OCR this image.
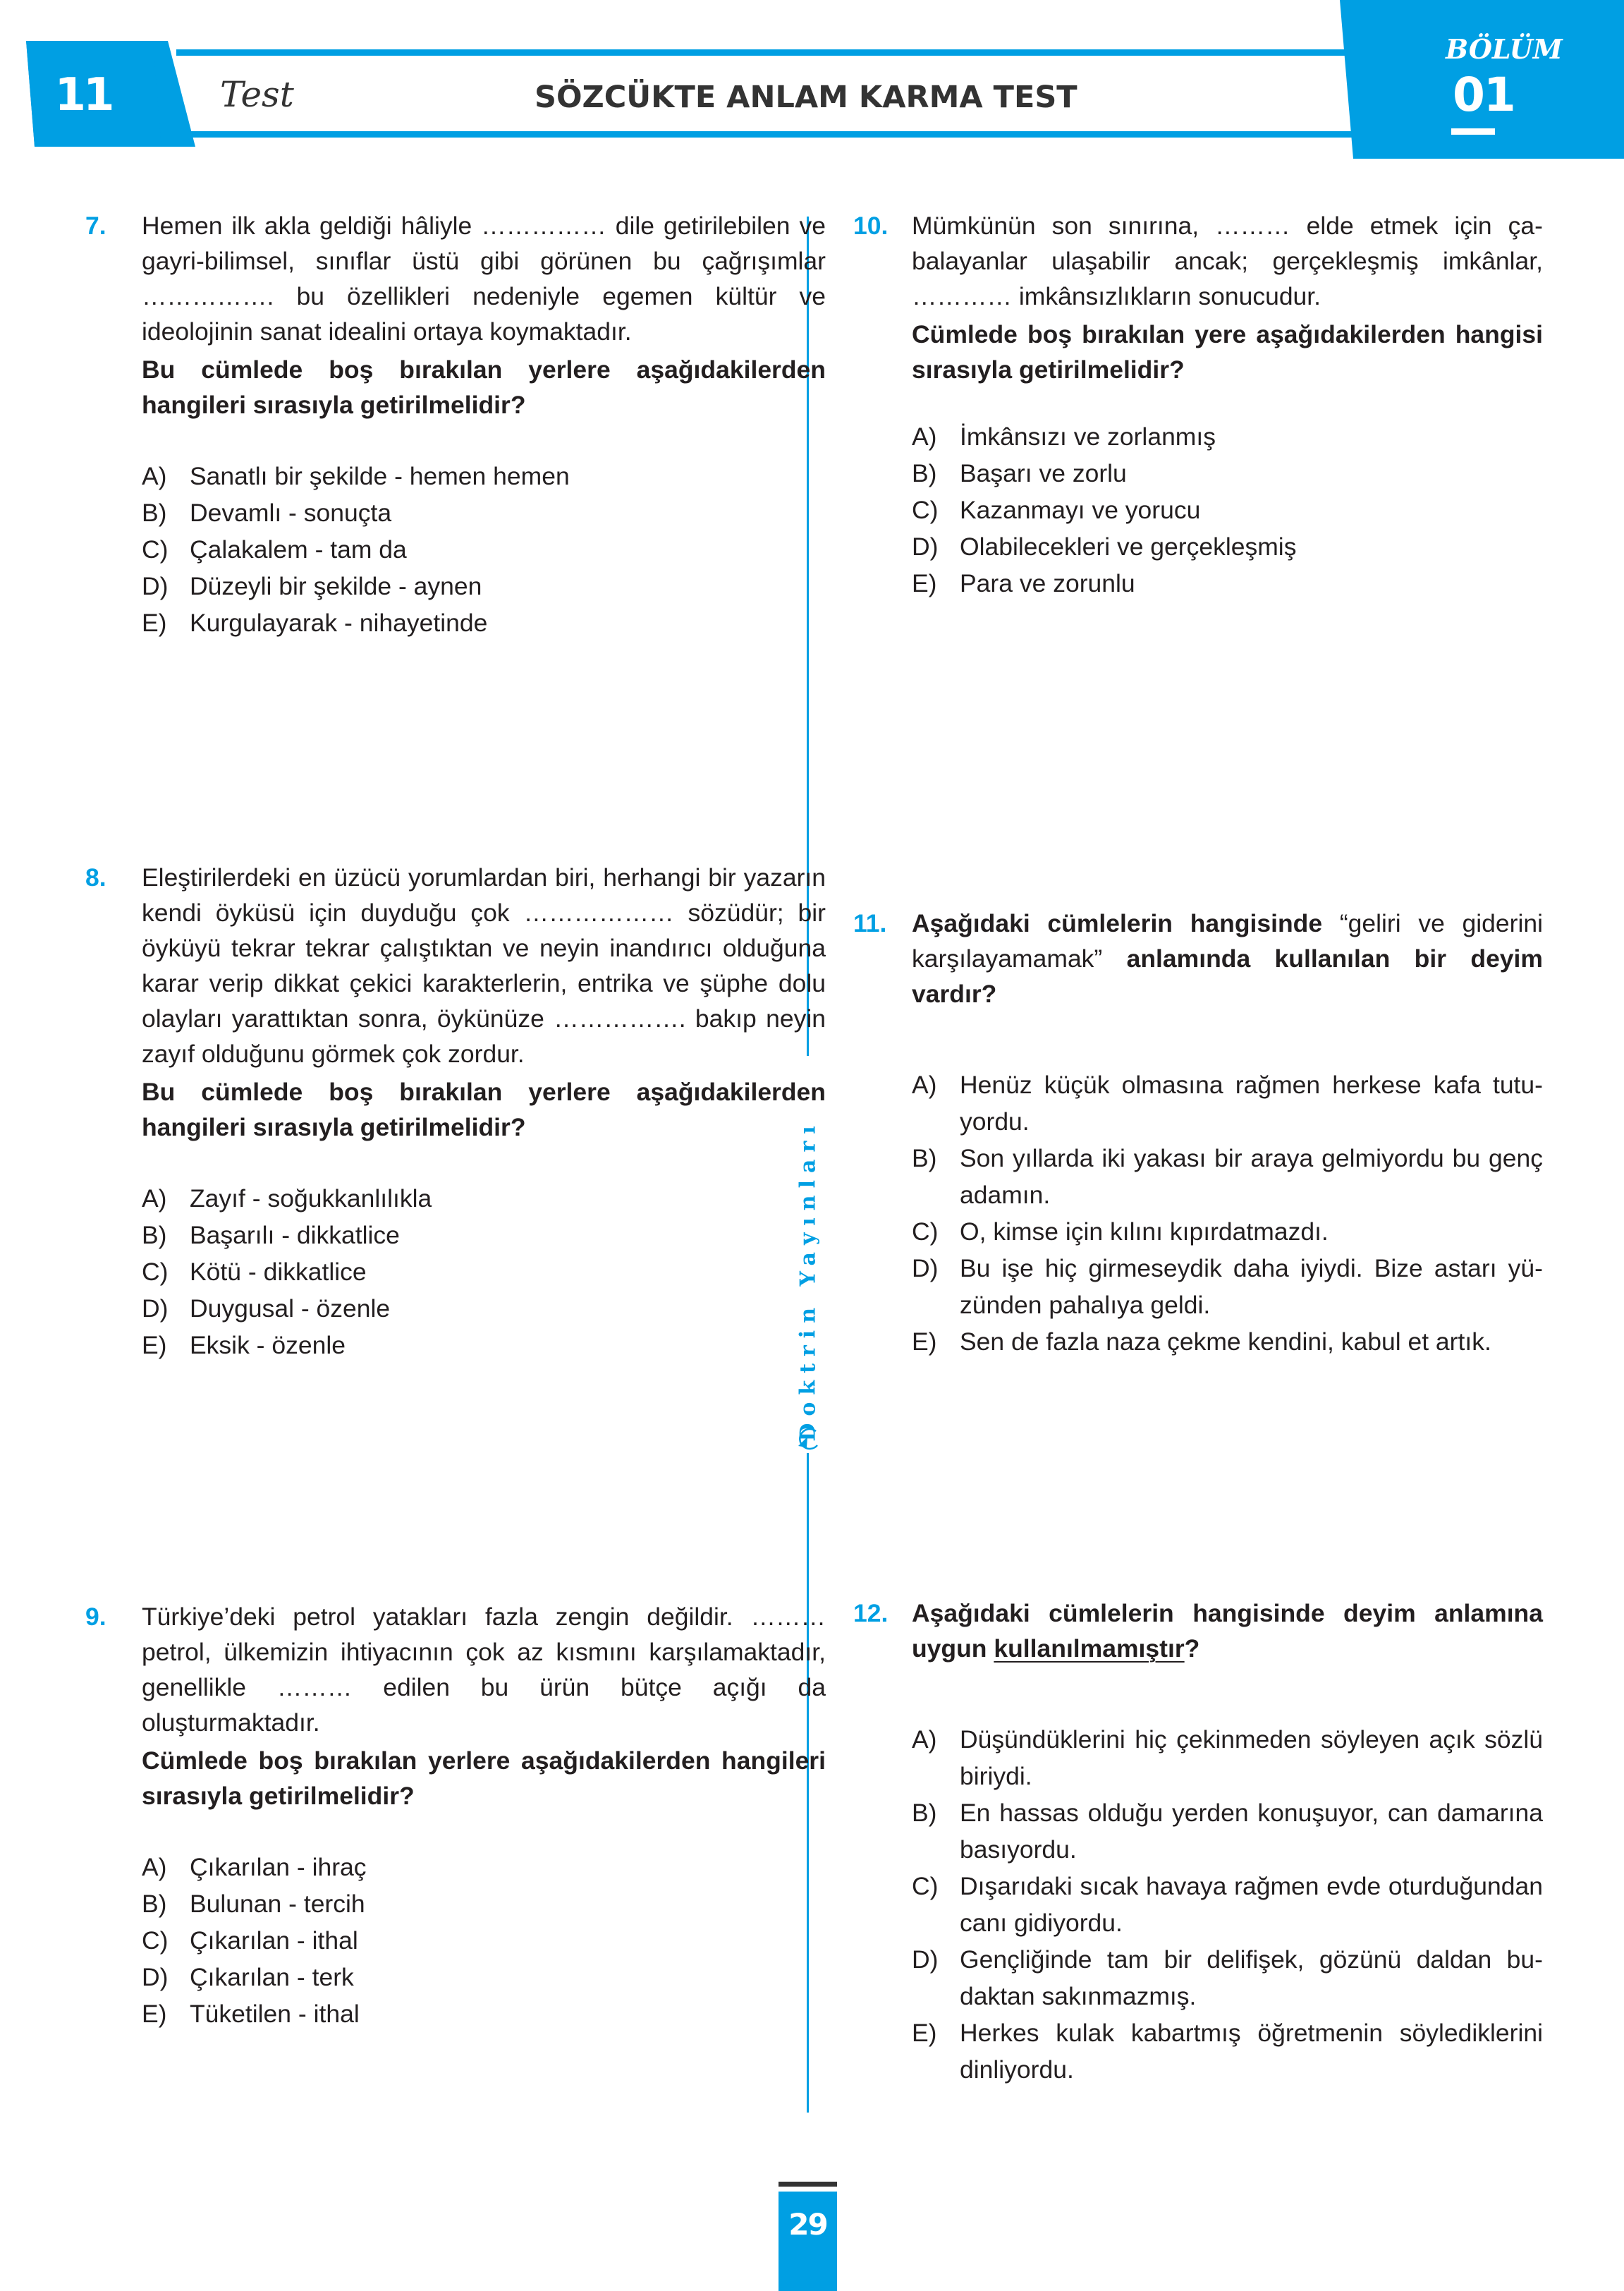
11	Test	SÖZCÜKTE ANLAM KARMA TEST
BÖLÜM
01
Doktrin Yayınları
29
7. Hemen ilk akla geldiği hâliyle …………… dile getirilebilen ve gayri-bilimsel, sınıflar üstü gibi görünen bu çağrışımlar ……………. bu özellikleri nedeniyle egemen kültür ve ideolojinin sanat idealini ortaya koymaktadır.
Bu cümlede boş bırakılan yerlere aşağıdakilerden hangileri sırasıyla getirilmelidir?
A) Sanatlı bir şekilde - hemen hemen
B) Devamlı - sonuçta
C) Çalakalem - tam da
D) Düzeyli bir şekilde - aynen
E) Kurgulayarak - nihayetinde
8. Eleştirilerdeki en üzücü yorumlardan biri, herhangi bir yazarın kendi öyküsü için duyduğu çok ……………… sözüdür; bir öyküyü tekrar tekrar çalıştıktan ve neyin inandırıcı olduğuna karar verip dikkat çekici karakterlerin, entrika ve şüphe dolu olayları yarattıktan sonra, öykünüze ……………. bakıp neyin zayıf olduğunu görmek çok zordur.
Bu cümlede boş bırakılan yerlere aşağıdakilerden hangileri sırasıyla getirilmelidir?
A) Zayıf - soğukkanlılıkla
B) Başarılı - dikkatlice
C) Kötü - dikkatlice
D) Duygusal - özenle
E) Eksik - özenle
9. Türkiye’deki petrol yatakları fazla zengin değildir. ……… petrol, ülkemizin ihtiyacının çok az kısmını karşılamaktadır, genellikle ……… edilen bu ürün bütçe açığı da oluşturmaktadır.
Cümlede boş bırakılan yerlere aşağıdakilerden hangileri sırasıyla getirilmelidir?
A) Çıkarılan - ihraç
B) Bulunan - tercih
C) Çıkarılan - ithal
D) Çıkarılan - terk
E) Tüketilen - ithal
10. Mümkünün son sınırına, ……… elde etmek için çabalayanlar ulaşabilir ancak; gerçekleşmiş imkânlar, ………… imkânsızlıkların sonucudur.
Cümlede boş bırakılan yere aşağıdakilerden hangisi sırasıyla getirilmelidir?
A) İmkânsızı ve zorlanmış
B) Başarı ve zorlu
C) Kazanmayı ve yorucu
D) Olabilecekleri ve gerçekleşmiş
E) Para ve zorunlu
11. Aşağıdaki cümlelerin hangisinde “geliri ve giderini karşılayamamak” anlamında kullanılan bir deyim vardır?
A) Henüz küçük olmasına rağmen herkese kafa tutuyordu.
B) Son yıllarda iki yakası bir araya gelmiyordu bu genç adamın.
C) O, kimse için kılını kıpırdatmazdı.
D) Bu işe hiç girmeseydik daha iyiydi. Bize astarı yüzünden pahalıya geldi.
E) Sen de fazla naza çekme kendini, kabul et artık.
12. Aşağıdaki cümlelerin hangisinde deyim anlamına uygun kullanılmamıştır?
A) Düşündüklerini hiç çekinmeden söyleyen açık sözlü biriydi.
B) En hassas olduğu yerden konuşuyor, can damarına basıyordu.
C) Dışarıdaki sıcak havaya rağmen evde oturduğundan canı gidiyordu.
D) Gençliğinde tam bir delifişek, gözünü daldan budaktan sakınmazmış.
E) Herkes kulak kabartmış öğretmenin söylediklerini dinliyordu.
